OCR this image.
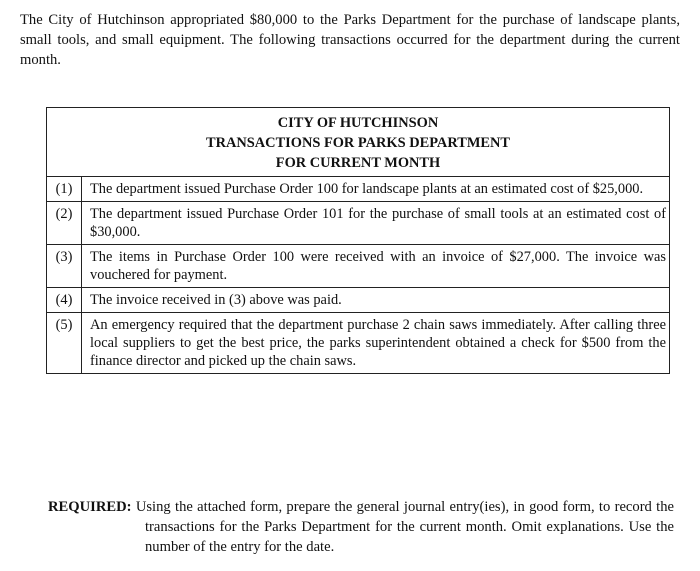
The City of Hutchinson appropriated $80,000 to the Parks Department for the purchase of landscape plants, small tools, and small equipment. The following transactions occurred for the department during the current month.

CITY OF HUTCHINSON
TRANSACTIONS FOR PARKS DEPARTMENT
FOR CURRENT MONTH	

(1)	The department issued Purchase Order 100 for landscape plants at an estimated cost of $25,000.
(2)	The department issued Purchase Order 101 for the purchase of small tools at an estimated cost of $30,000.
(3)	The items in Purchase Order 100 were received with an invoice of $27,000. The invoice was vouchered for payment.
(4)	The invoice received in (3) above was paid.
(5)	An emergency required that the department purchase 2 chain saws immediately. After calling three local suppliers to get the best price, the parks superintendent obtained a check for $500 from the finance director and picked up the chain saws.

REQUIRED: Using the attached form, prepare the general journal entry(ies), in good form, to record the transactions for the Parks Department for the current month. Omit explanations. Use the number of the entry for the date.
